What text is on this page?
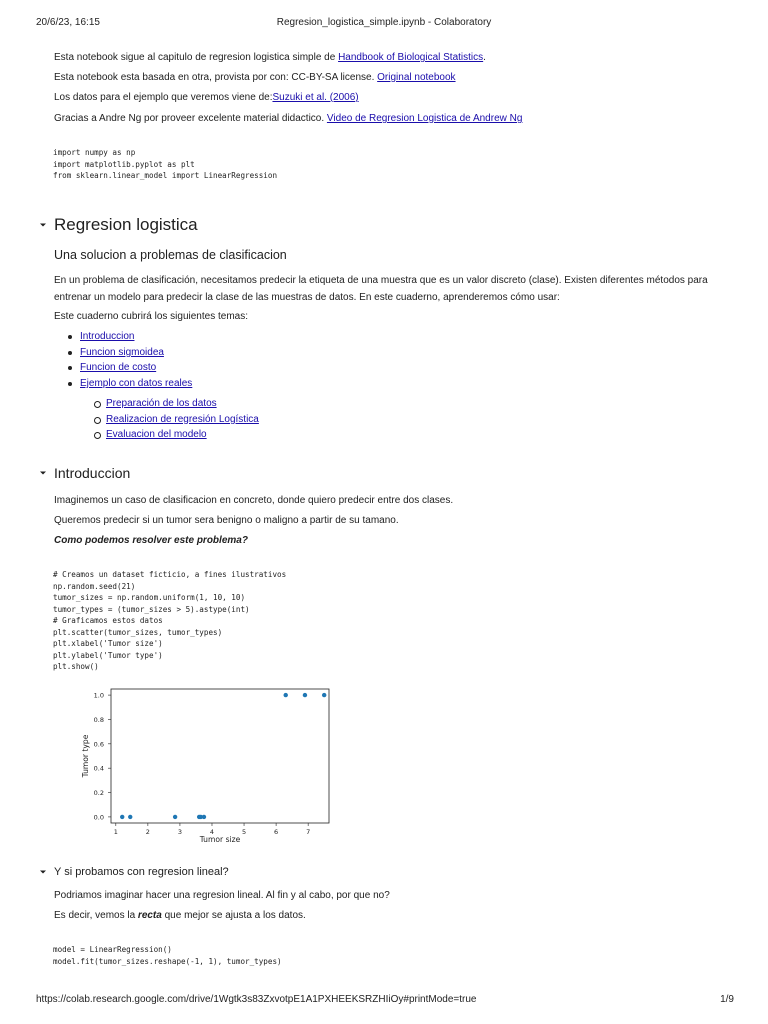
20/6/23, 16:15	Regresion_logistica_simple.ipynb - Colaboratory
Esta notebook sigue al capitulo de regresion logistica simple de Handbook of Biological Statistics.
Esta notebook esta basada en otra, provista por con: CC-BY-SA license. Original notebook
Los datos para el ejemplo que veremos viene de:Suzuki et al. (2006)
Gracias a Andre Ng por proveer excelente material didactico. Video de Regresion Logistica de Andrew Ng
import numpy as np
import matplotlib.pyplot as plt
from sklearn.linear_model import LinearRegression
Regresion logistica
Una solucion a problemas de clasificacion
En un problema de clasificación, necesitamos predecir la etiqueta de una muestra que es un valor discreto (clase). Existen diferentes métodos para entrenar un modelo para predecir la clase de las muestras de datos. En este cuaderno, aprenderemos cómo usar:
Este cuaderno cubrirá los siguientes temas:
Introduccion
Funcion sigmoidea
Funcion de costo
Ejemplo con datos reales
Preparación de los datos
Realizacion de regresión Logística
Evaluacion del modelo
Introduccion
Imaginemos un caso de clasificacion en concreto, donde quiero predecir entre dos clases.
Queremos predecir si un tumor sera benigno o maligno a partir de su tamano.
Como podemos resolver este problema?
# Creamos un dataset ficticio, a fines ilustrativos
np.random.seed(21)
tumor_sizes = np.random.uniform(1, 10, 10)
tumor_types = (tumor_sizes > 5).astype(int)
# Graficamos estos datos
plt.scatter(tumor_sizes, tumor_types)
plt.xlabel('Tumor size')
plt.ylabel('Tumor type')
plt.show()
0.0
0.2
0.4
0.6
0.8
1.0
1	2	3	4	5	6	7
Tumor size
Tumor type
Y si probamos con regresion lineal?
Podriamos imaginar hacer una regresion lineal. Al fin y al cabo, por que no?
Es decir, vemos la recta que mejor se ajusta a los datos.
model = LinearRegression()
model.fit(tumor_sizes.reshape(-1, 1), tumor_types)
https://colab.research.google.com/drive/1Wgtk3s83ZxvotpE1A1PXHEEKSRZHIiOy#printMode=true	1/9
